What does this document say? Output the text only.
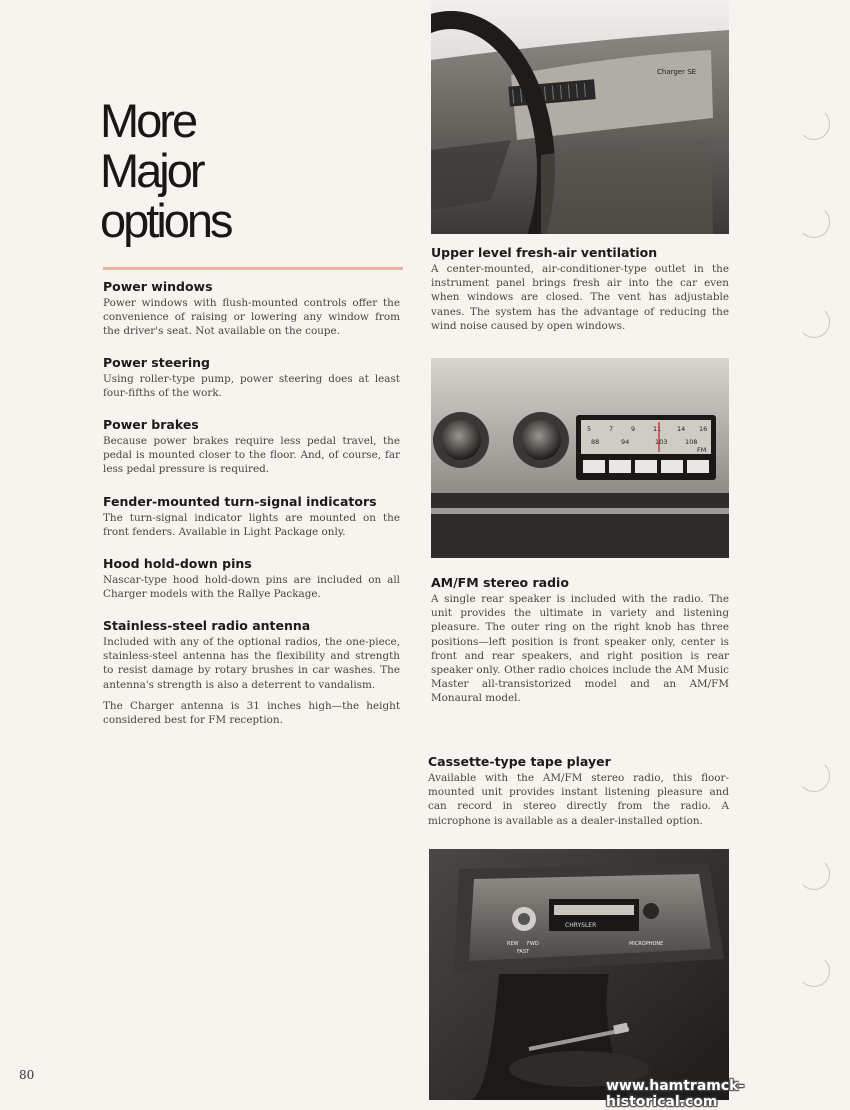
More
Major
options
Power windows

Power windows with flush-mounted controls offer the convenience of raising or lowering any window from the driver's seat. Not available on the coupe.

Power steering

Using roller-type pump, power steering does at least four-fifths of the work.

Power brakes

Because power brakes require less pedal travel, the pedal is mounted closer to the floor. And, of course, far less pedal pressure is required.

Fender-mounted turn-signal indicators

The turn-signal indicator lights are mounted on the front fenders. Available in Light Package only.

Hood hold-down pins

Nascar-type hood hold-down pins are included on all Charger models with the Rallye Package.

Stainless-steel radio antenna

Included with any of the optional radios, the one-piece, stainless-steel antenna has the flexibility and strength to resist damage by rotary brushes in car washes. The antenna's strength is also a deterrent to vandalism.

The Charger antenna is 31 inches high—the height considered best for FM reception.

Charger SE
Upper level fresh-air ventilation

A center-mounted, air-conditioner-type outlet in the instrument panel brings fresh air into the car even when windows are closed. The vent has adjustable vanes. The system has the advantage of reducing the wind noise caused by open windows.

5	7	9	11 14 16
88	94	103	108
FM
AM/FM stereo radio

A single rear speaker is included with the radio. The unit provides the ultimate in variety and listening pleasure. The outer ring on the right knob has three positions—left position is front speaker only, center is front and rear speakers, and right position is rear speaker only. Other radio choices include the AM Music Master all-transistorized model and an AM/FM Monaural model.

Cassette-type tape player

Available with the AM/FM stereo radio, this floor-mounted unit provides instant listening pleasure and can record in stereo directly from the radio. A microphone is available as a dealer-installed option.

CHRYSLER
REW FWD
FAST
MICROPHONE
80
www.hamtramck-historical.com
